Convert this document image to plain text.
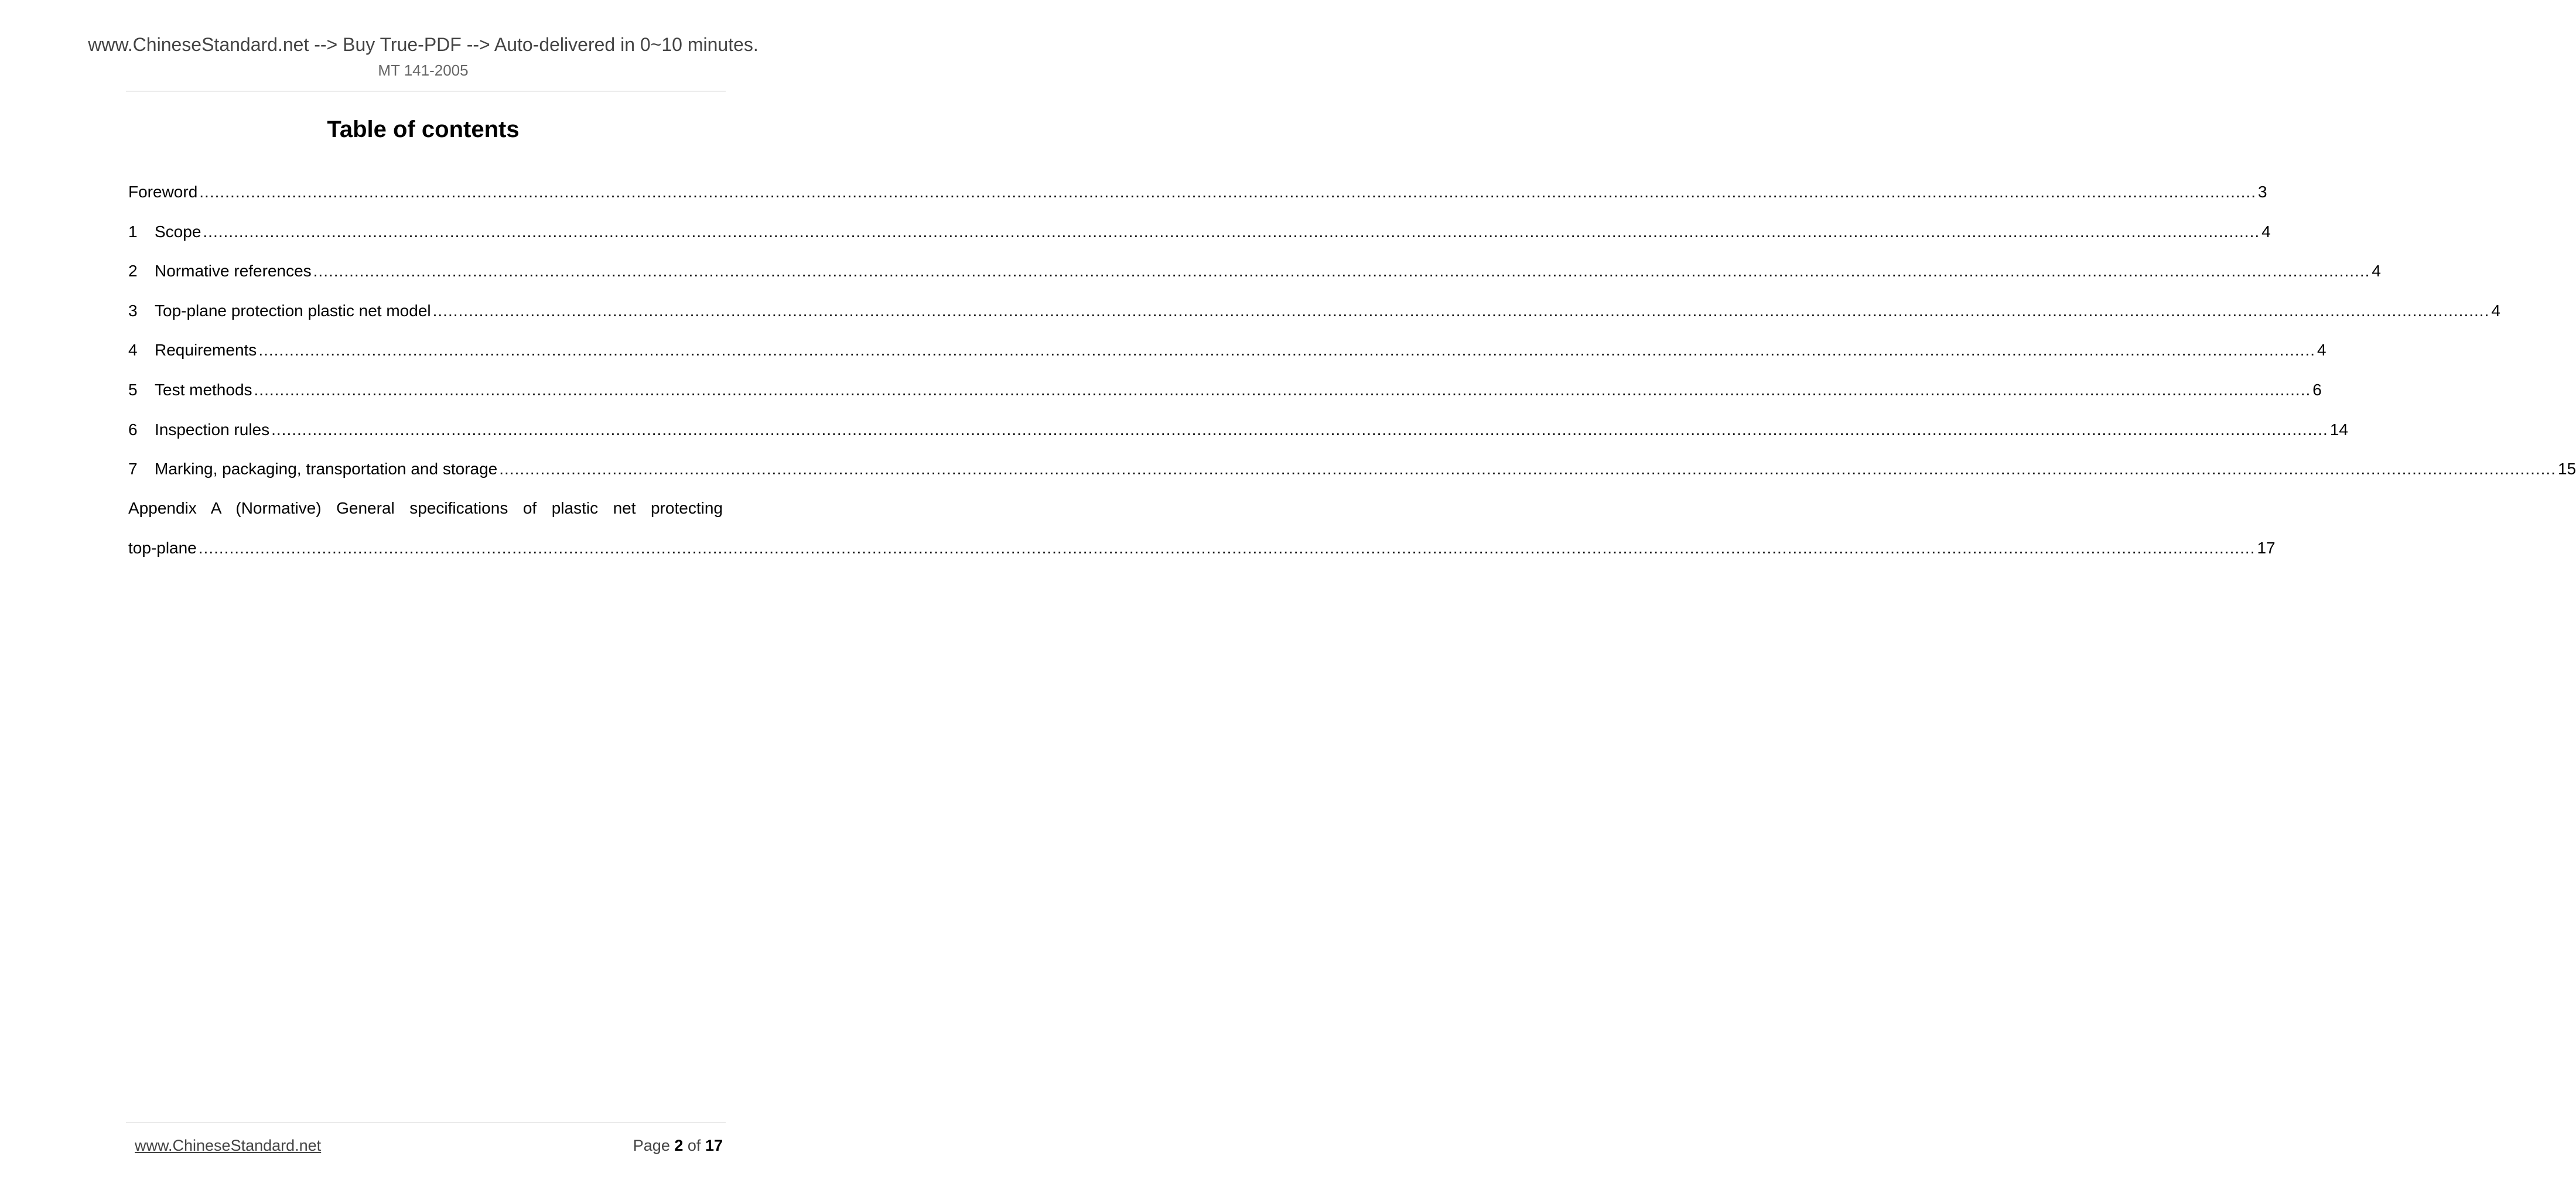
www.ChineseStandard.net --> Buy True-PDF --> Auto-delivered in 0~10 minutes.
MT 141-2005
Table of contents
Foreword ................................................................................................................................................................................................................................................................................................................................................................................................................ 3
1	Scope ................................................................................................................................................................................................................................................................................................................................................................................................................ 4
2	Normative references ................................................................................................................................................................................................................................................................................................................................................................................................................ 4
3	Top-plane protection plastic net model ................................................................................................................................................................................................................................................................................................................................................................................................................ 4
4	Requirements ................................................................................................................................................................................................................................................................................................................................................................................................................ 4
5	Test methods ................................................................................................................................................................................................................................................................................................................................................................................................................ 6
6	Inspection rules ................................................................................................................................................................................................................................................................................................................................................................................................................ 14
7	Marking, packaging, transportation and storage ................................................................................................................................................................................................................................................................................................................................................................................................................ 15
Appendix A (Normative) General specifications of plastic net protecting
top-plane ................................................................................................................................................................................................................................................................................................................................................................................................................ 17
www.ChineseStandard.net	Page 2 of 17
